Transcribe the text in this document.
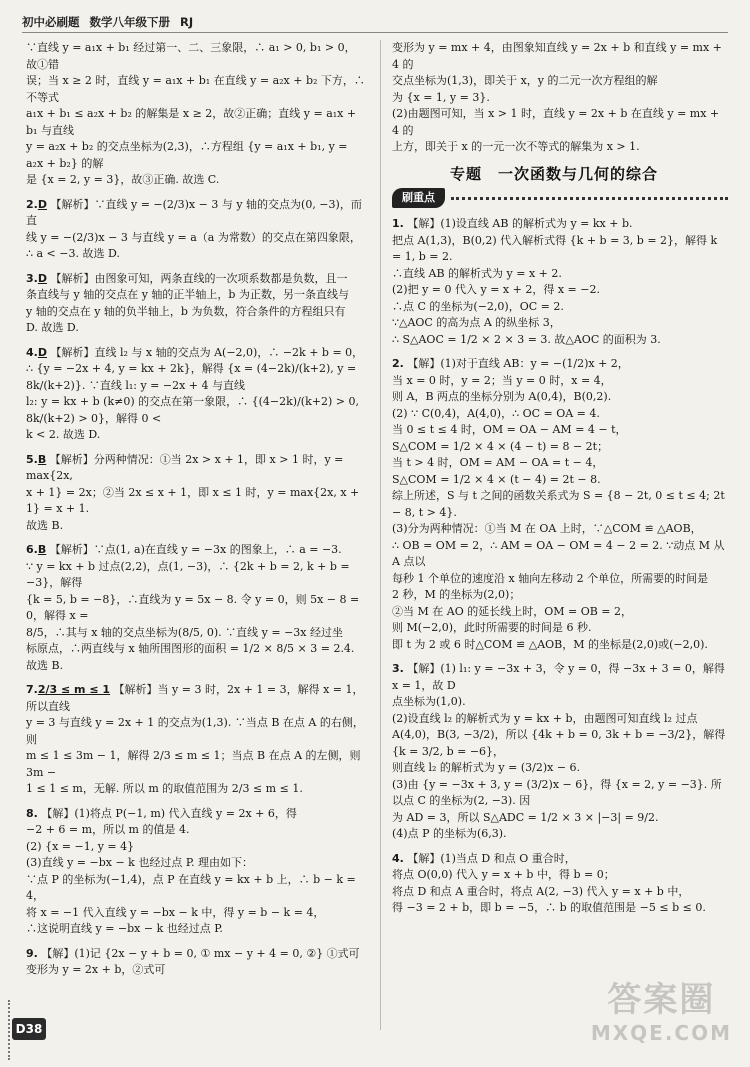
初中必刷题 数学八年级下册 RJ
∵直线 y = a₁x + b₁ 经过第一、二、三象限，∴ a₁ > 0, b₁ > 0，故①错
误；当 x ≥ 2 时，直线 y = a₁x + b₁ 在直线 y = a₂x + b₂ 下方，∴不等式
a₁x + b₁ ≤ a₂x + b₂ 的解集是 x ≥ 2，故②正确；直线 y = a₁x + b₁ 与直线
y = a₂x + b₂ 的交点坐标为(2,3)，∴方程组 {y = a₁x + b₁, y = a₂x + b₂} 的解
是 {x = 2, y = 3}，故③正确. 故选 C.
2.D 【解析】∵直线 y = −(2/3)x − 3 与 y 轴的交点为(0, −3)，而直
线 y = −(2/3)x − 3 与直线 y = a（a 为常数）的交点在第四象限，
∴ a < −3. 故选 D.
3.D 【解析】由图象可知，两条直线的一次项系数都是负数，且一
条直线与 y 轴的交点在 y 轴的正半轴上，b 为正数，另一条直线与
y 轴的交点在 y 轴的负半轴上，b 为负数，符合条件的方程组只有
D. 故选 D.
4.D 【解析】直线 l₂ 与 x 轴的交点为 A(−2,0)，∴ −2k + b = 0，
∴ {y = −2x + 4, y = kx + 2k}，解得 {x = (4−2k)/(k+2), y = 8k/(k+2)}. ∵直线 l₁: y = −2x + 4 与直线
l₂: y = kx + b (k≠0) 的交点在第一象限，∴ {(4−2k)/(k+2) > 0, 8k/(k+2) > 0}，解得 0 <
k < 2. 故选 D.
5.B 【解析】分两种情况：①当 2x > x + 1，即 x > 1 时，y = max{2x,
x + 1} = 2x；②当 2x ≤ x + 1，即 x ≤ 1 时，y = max{2x, x + 1} = x + 1.
故选 B.
6.B 【解析】∵点(1, a)在直线 y = −3x 的图象上，∴ a = −3.
∵ y = kx + b 过点(2,2)，点(1, −3)，∴ {2k + b = 2, k + b = −3}，解得
{k = 5, b = −8}，∴直线为 y = 5x − 8. 令 y = 0，则 5x − 8 = 0，解得 x =
8/5，∴其与 x 轴的交点坐标为(8/5, 0). ∵直线 y = −3x 经过坐
标原点，∴两直线与 x 轴所围图形的面积 = 1/2 × 8/5 × 3 = 2.4.
故选 B.
7.2/3 ≤ m ≤ 1 【解析】当 y = 3 时，2x + 1 = 3，解得 x = 1，所以直线
y = 3 与直线 y = 2x + 1 的交点为(1,3). ∵当点 B 在点 A 的右侧，则
m ≤ 1 ≤ 3m − 1，解得 2/3 ≤ m ≤ 1；当点 B 在点 A 的左侧，则 3m −
1 ≤ 1 ≤ m，无解. 所以 m 的取值范围为 2/3 ≤ m ≤ 1.
8. 【解】(1)将点 P(−1, m) 代入直线 y = 2x + 6，得
−2 + 6 = m，所以 m 的值是 4.
(2) {x = −1, y = 4}
(3)直线 y = −bx − k 也经过点 P. 理由如下：
∵点 P 的坐标为(−1,4)，点 P 在直线 y = kx + b 上，∴ b − k = 4，
将 x = −1 代入直线 y = −bx − k 中，得 y = b − k = 4，
∴这说明直线 y = −bx − k 也经过点 P.
9. 【解】(1)记 {2x − y + b = 0, ① mx − y + 4 = 0, ②} ①式可变形为 y = 2x + b，②式可
变形为 y = mx + 4，由图象知直线 y = 2x + b 和直线 y = mx + 4 的
交点坐标为(1,3)，即关于 x，y 的二元一次方程组的解
为 {x = 1, y = 3}.
(2)由题图可知，当 x > 1 时，直线 y = 2x + b 在直线 y = mx + 4 的
上方，即关于 x 的一元一次不等式的解集为 x > 1.
专题　一次函数与几何的综合
刷重点
1. 【解】(1)设直线 AB 的解析式为 y = kx + b.
把点 A(1,3)，B(0,2) 代入解析式得 {k + b = 3, b = 2}，解得 k = 1, b = 2.
∴直线 AB 的解析式为 y = x + 2.
(2)把 y = 0 代入 y = x + 2，得 x = −2.
∴点 C 的坐标为(−2,0)，OC = 2.
∵△AOC 的高为点 A 的纵坐标 3，
∴ S△AOC = 1/2 × 2 × 3 = 3. 故△AOC 的面积为 3.
2. 【解】(1)对于直线 AB：y = −(1/2)x + 2，
当 x = 0 时，y = 2；当 y = 0 时，x = 4，
则 A，B 两点的坐标分别为 A(0,4)，B(0,2).
(2) ∵ C(0,4)，A(4,0)，∴ OC = OA = 4.
当 0 ≤ t ≤ 4 时，OM = OA − AM = 4 − t，
S△COM = 1/2 × 4 × (4 − t) = 8 − 2t；
当 t > 4 时，OM = AM − OA = t − 4，
S△COM = 1/2 × 4 × (t − 4) = 2t − 8.
综上所述，S 与 t 之间的函数关系式为 S = {8 − 2t, 0 ≤ t ≤ 4; 2t − 8, t > 4}.
(3)分为两种情况：①当 M 在 OA 上时，∵△COM ≌ △AOB，
∴ OB = OM = 2，∴ AM = OA − OM = 4 − 2 = 2. ∵动点 M 从 A 点以
每秒 1 个单位的速度沿 x 轴向左移动 2 个单位，所需要的时间是
2 秒，M 的坐标为(2,0)；
②当 M 在 AO 的延长线上时，OM = OB = 2，
则 M(−2,0)，此时所需要的时间是 6 秒.
即 t 为 2 或 6 时△COM ≌ △AOB，M 的坐标是(2,0)或(−2,0).
3. 【解】(1) l₁: y = −3x + 3，令 y = 0，得 −3x + 3 = 0，解得 x = 1，故 D
点坐标为(1,0).
(2)设直线 l₂ 的解析式为 y = kx + b，由题图可知直线 l₂ 过点
A(4,0)，B(3, −3/2)，所以 {4k + b = 0, 3k + b = −3/2}，解得 {k = 3/2, b = −6}，
则直线 l₂ 的解析式为 y = (3/2)x − 6.
(3)由 {y = −3x + 3, y = (3/2)x − 6}，得 {x = 2, y = −3}. 所以点 C 的坐标为(2, −3). 因
为 AD = 3，所以 S△ADC = 1/2 × 3 × |−3| = 9/2.
(4)点 P 的坐标为(6,3).
4. 【解】(1)当点 D 和点 O 重合时，
将点 O(0,0) 代入 y = x + b 中，得 b = 0；
将点 D 和点 A 重合时，将点 A(2, −3) 代入 y = x + b 中，
得 −3 = 2 + b，即 b = −5，∴ b 的取值范围是 −5 ≤ b ≤ 0.
D38
答案圈
MXQE.COM
